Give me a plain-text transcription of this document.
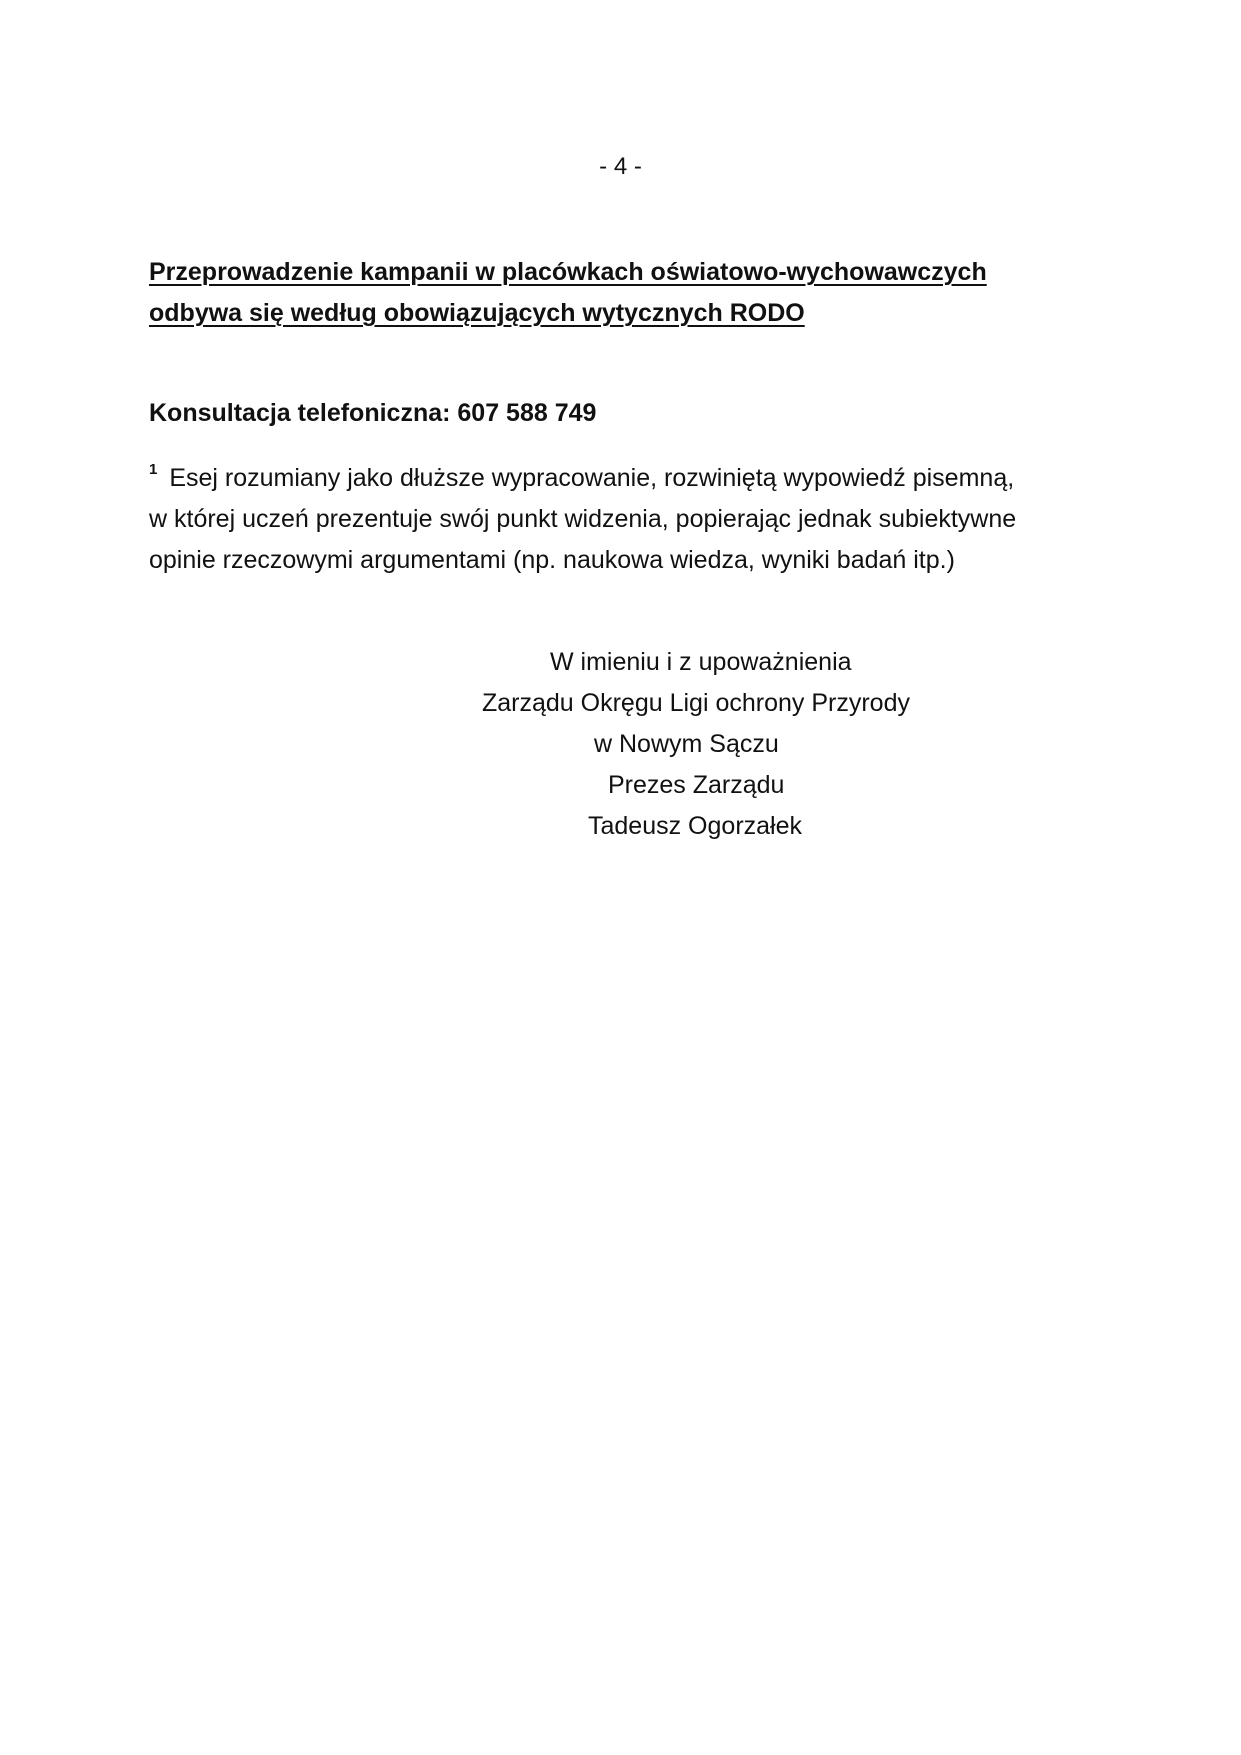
- 4 -
Przeprowadzenie kampanii w placówkach oświatowo-wychowawczych
odbywa się według obowiązujących wytycznych RODO
Konsultacja telefoniczna: 607 588 749
$^1$ Esej rozumiany jako dłuższe wypracowanie, rozwiniętą wypowiedź pisemną,
w której uczeń prezentuje swój punkt widzenia, popierając jednak subiektywne
opinie rzeczowymi argumentami (np. naukowa wiedza, wyniki badań itp.)
W imieniu i z upoważnienia
Zarządu Okręgu Ligi ochrony Przyrody
w Nowym Sączu
Prezes Zarządu
Tadeusz Ogorzałek
